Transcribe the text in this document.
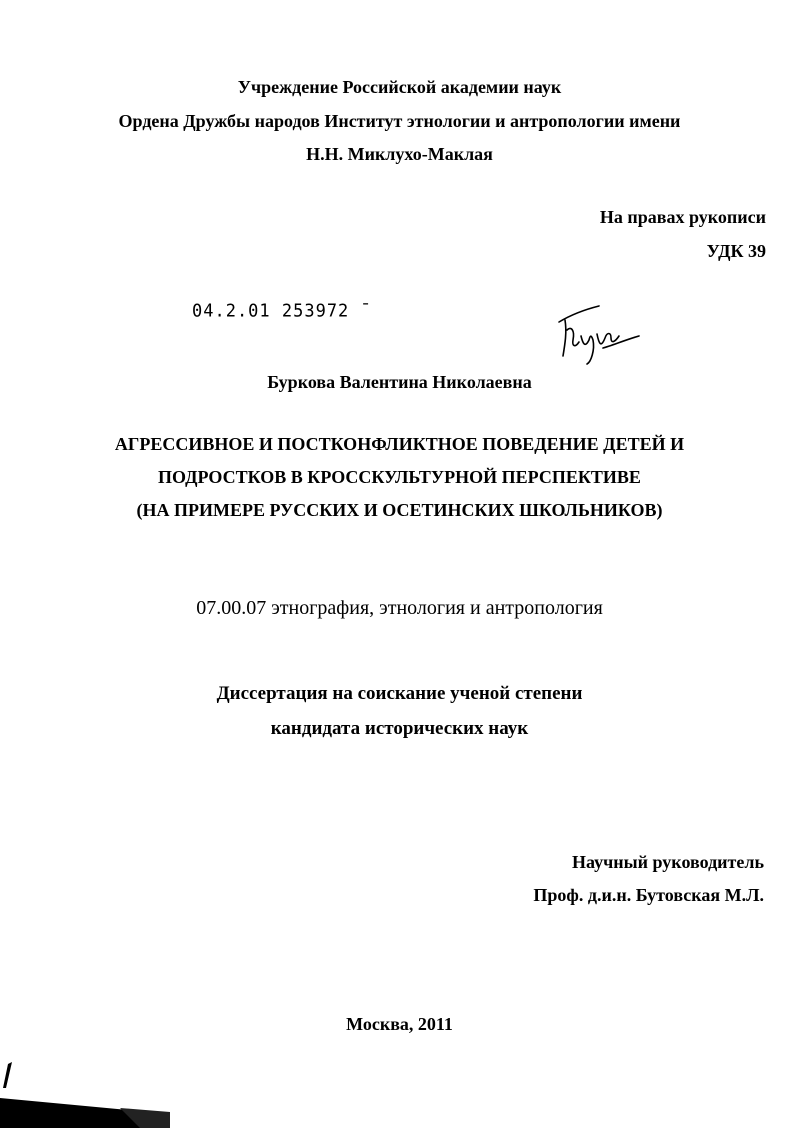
Учреждение Российской академии наук
Ордена Дружбы народов Институт этнологии и антропологии имени
Н.Н. Миклухо-Маклая
На правах рукописи
УДК 39
04.2.01 253972 ˉ
Буркова Валентина Николаевна
АГРЕССИВНОЕ И ПОСТКОНФЛИКТНОЕ ПОВЕДЕНИЕ ДЕТЕЙ И
ПОДРОСТКОВ В КРОССКУЛЬТУРНОЙ ПЕРСПЕКТИВЕ
(НА ПРИМЕРЕ РУССКИХ И ОСЕТИНСКИХ ШКОЛЬНИКОВ)
07.00.07 этнография, этнология и антропология
Диссертация на соискание ученой степени
кандидата исторических наук
Научный руководитель
Проф. д.и.н. Бутовская М.Л.
Москва, 2011
